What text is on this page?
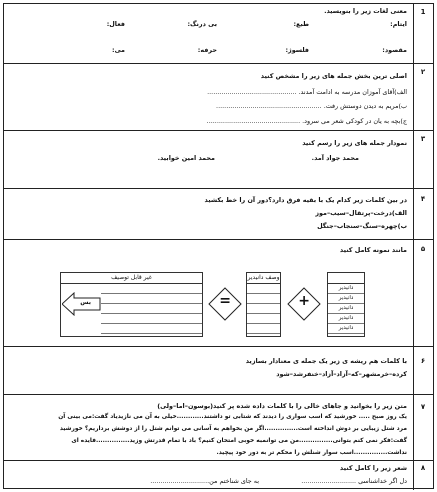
1
معنی لغات زیر را بنویسید.
ایتام:
طبع:
بی درنگ:
فعال:
مقصود:
فلسوژ:
حرفه:
می:
۲
اصلی ترین بخش جمله های زیر را مشخص کنید
الف)آقای آموزان مدرسه به ادامت آمدند. ............................................
ب)مریم به دیدن دوستش رفت. ....................................................
ج)بچه به یان در کودکی شعر می سرود. ..............................................
۳
نمودار جمله های زیر را رسم کنید
محمد جواد آمد.
محمد امین خوابید.
۴
در بین کلمات زیر کدام یک با بقیه فرق دارد؟دور آن را خط بکشید
الف)درخت–پرتقال–سیب–موز
ب)چهره–سنگ–سنجاب–جنگل
۵
مانند نمونه کامل کنید
دانیدیر
دانیدیر
دانیدیر
دانیدیر
دانیدیر
+
وصف دانیدیر
=
غیر قابل توصیف
بس
۶
با کلمات هم ریشه ی زیر یک جمله ی معنادار بسازید
کرده–خرمشهر–که–آزاد–آزاد–خنفرشد–شود
۷
متن زیر را بخوانید و جاهای خالی را با کلمات داده شده پر کنید(بوسون–اما–ولی)
یک روز صبح ..... خورشید که اسب سواری را دیدند که شتابی تو داشتند............خیلی به آن می نازیدیاد گفت:می بینی آن
مرد شتل زیبایی بر دوش انداخته است...............اگر من بخواهم به آسانی می توانم شتل را از دوشش برداریم؟ خورشید
گفت:فکر نمی کنم بتوانی...............من می توانمبه خوبی امتحان کنیم؟ باد با تمام قدرتش وزید...............فایده ای
نداشت...............اسب سوار شنلش را محکم تر به دور خود پیچید.
۸
شعر زیر را کامل کنید
دل اگر خداشناسی ...........................
به جای شناختم من.............................
